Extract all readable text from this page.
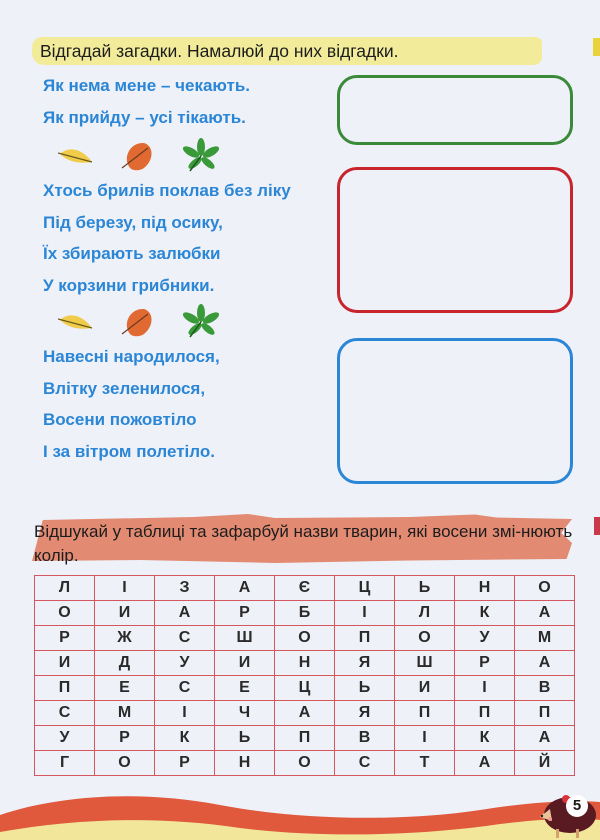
Відгадай загадки. Намалюй до них відгадки.
Як нема мене – чекають.
Як прийду – усі тікають.
Хтось брилів поклав без ліку
Під березу, під осику,
Їх збирають залюбки
У корзини грибники.
Навесні народилося,
Влітку зеленилося,
Восени пожовтіло
І за вітром полетіло.
Відшукай у таблиці та зафарбуй назви тварин, які восени змі-нюють колір.
Л	І	З	А	Є	Ц	Ь	Н	О
О	И	А	Р	Б	І	Л	К	А
Р	Ж	С	Ш	О	П	О	У	М
И	Д	У	И	Н	Я	Ш	Р	А
П	Е	С	Е	Ц	Ь	И	І	В
С	М	І	Ч	А	Я	П	П	П
У	Р	К	Ь	П	В	І	К	А
Г	О	Р	Н	О	С	Т	А	Й
5
